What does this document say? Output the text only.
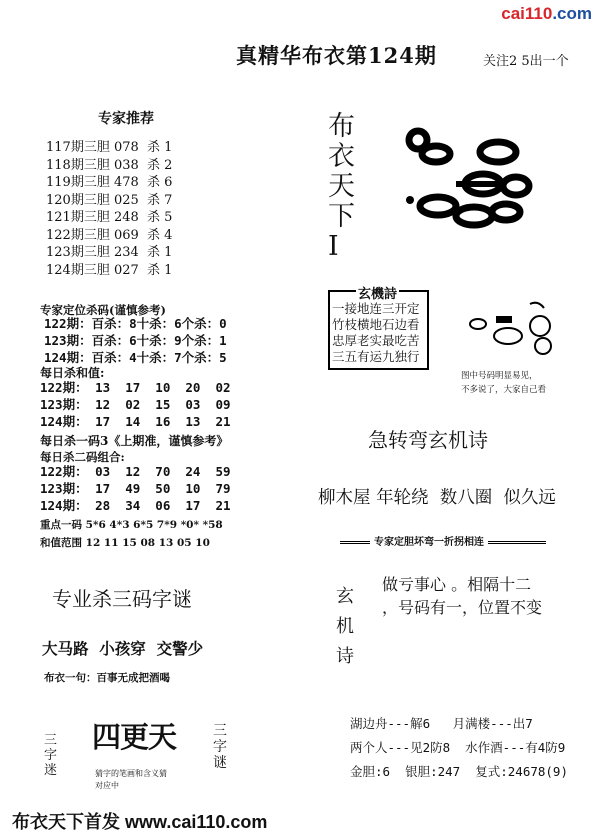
cai110.com
真精华布衣第124期	关注2 5出一个
专家推荐
117期三胆 078  杀 1
118期三胆 038  杀 2
119期三胆 478  杀 6
120期三胆 025  杀 7
121期三胆 248  杀 5
122期三胆 069  杀 4
123期三胆 234  杀 1
124期三胆 027  杀 1
专家定位杀码(谨慎参考)
122期：百杀：8十杀：6个杀：0
123期：百杀：6十杀：9个杀：1
124期：百杀：4十杀：7个杀：5
每日杀和值:
122期： 13  17  10  20  02
123期： 12  02  15  03  09
124期： 17  14  16  13  21
每日杀一码3《上期准，谨慎参考》
每日杀二码组合:
122期： 03  12  70  24  59
123期： 17  49  50  10  79
124期： 28  34  06  17  21
重点一码 5*6 4*3 6*5 7*9 *0* *58
和值范围 12 11 15 08 13 05 10
专业杀三码字谜
大马路  小孩穿  交警少
布衣一句：百事无成把酒喝
三字迷
四更天
猜字的笔画和含义猜
对应中
三字谜
布
衣
天
下
I
玄機詩
一接地连三开定
竹枝横地石边看
忠厚老实最吃苦
三五有运九独行
图中号码明显易见，
不多说了，大家自己看
急转弯玄机诗
柳木屋 年轮绕  数八圈  似久远
专家定胆坏弯一折拐相连
玄
机
诗
做亏事心 。相隔十二
，号码有一，位置不变
湖边舟---解6   月满楼---出7
两个人---见2防8  水作酒---有4防9
金胆:6  银胆:247  复式:24678(9)
布衣天下首发 www.cai110.com
